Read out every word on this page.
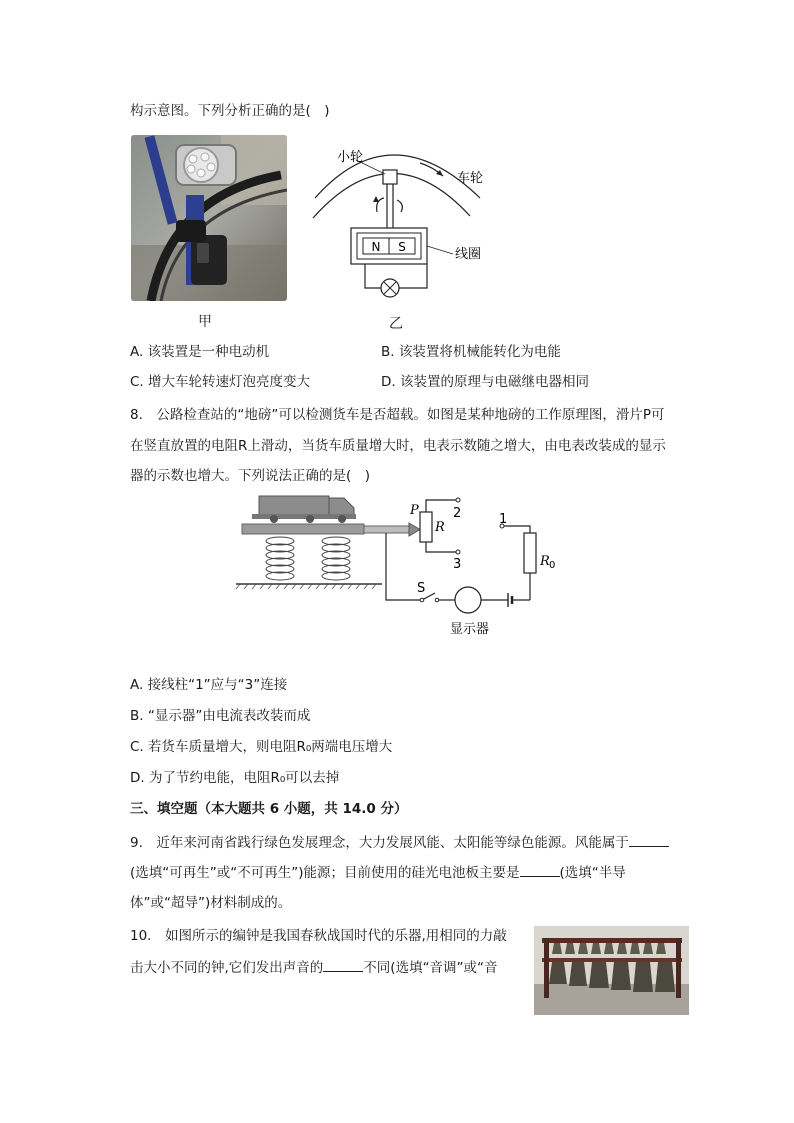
构示意图。下列分析正确的是(　)
甲
N S
小轮
车轮
线圈
乙
A. 该装置是一种电动机	B. 该装置将机械能转化为电能
C. 增大车轮转速灯泡亮度变大	D. 该装置的原理与电磁继电器相同
8.　公路检查站的“地磅”可以检测货车是否超载。如图是某种地磅的工作原理图，滑片P可
在竖直放置的电阻R上滑动，当货车质量增大时，电表示数随之增大，由电表改装成的显示
器的示数也增大。下列说法正确的是(　)
P
R
2
3
1
R 0
S
显示器
A. 接线柱“1”应与“3”连接
B. “显示器”由电流表改装而成
C. 若货车质量增大，则电阻R₀两端电压增大
D. 为了节约电能，电阻R₀可以去掉
三、填空题（本大题共 6 小题，共 14.0 分）
9.　近年来河南省践行绿色发展理念，大力发展风能、太阳能等绿色能源。风能属于
(选填“可再生”或“不可再生”)能源；目前使用的硅光电池板主要是	(选填“半导
体”或“超导”)材料制成的。
10.　如图所示的编钟是我国春秋战国时代的乐器,用相同的力敲
击大小不同的钟,它们发出声音的	不同(选填“音调”或“音
